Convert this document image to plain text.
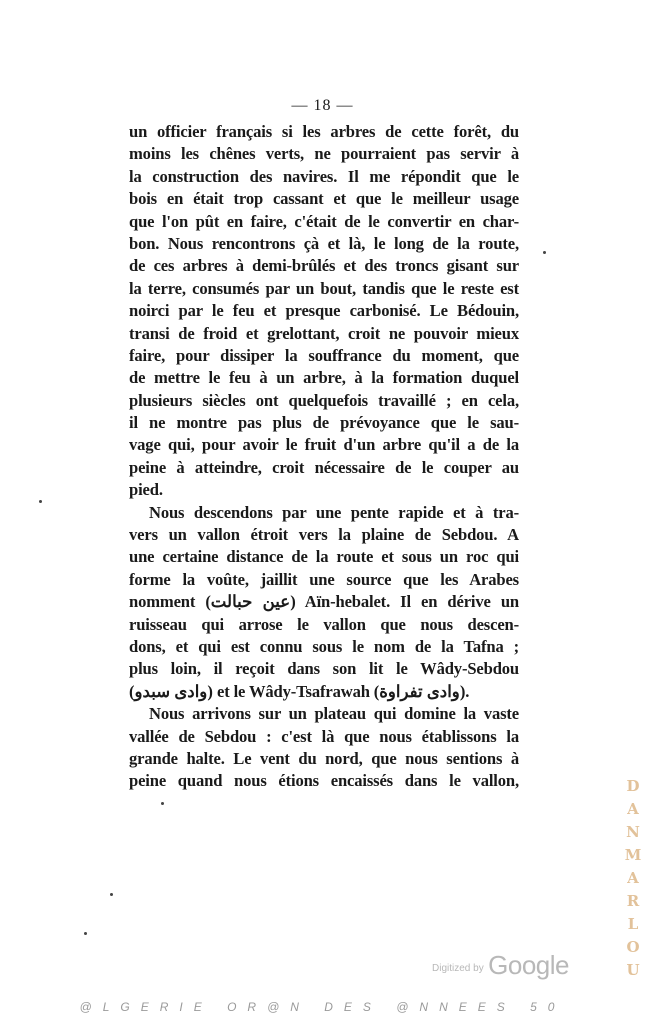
— 18 —
un officier français si les arbres de cette forêt, du
moins les chênes verts, ne pourraient pas servir à
la construction des navires. Il me répondit que le
bois en était trop cassant et que le meilleur usage
que l'on pût en faire, c'était de le convertir en char-
bon. Nous rencontrons çà et là, le long de la route,
de ces arbres à demi-brûlés et des troncs gisant sur
la terre, consumés par un bout, tandis que le reste est
noirci par le feu et presque carbonisé. Le Bédouin,
transi de froid et grelottant, croit ne pouvoir mieux
faire, pour dissiper la souffrance du moment, que
de mettre le feu à un arbre, à la formation duquel
plusieurs siècles ont quelquefois travaillé ; en cela,
il ne montre pas plus de prévoyance que le sau-
vage qui, pour avoir le fruit d'un arbre qu'il a de la
peine à atteindre, croit nécessaire de le couper au
pied.
Nous descendons par une pente rapide et à tra-
vers un vallon étroit vers la plaine de Sebdou. A
une certaine distance de la route et sous un roc qui
forme la voûte, jaillit une source que les Arabes
nomment (عين حبالت) Aïn-hebalet. Il en dérive un
ruisseau qui arrose le vallon que nous descen-
dons, et qui est connu sous le nom de la Tafna ;
plus loin, il reçoit dans son lit le Wâdy-Sebdou
(وادى سبدو) et le Wâdy-Tsafrawah (وادى تفراوة).
Nous arrivons sur un plateau qui domine la vaste
vallée de Sebdou : c'est là que nous établissons la
grande halte. Le vent du nord, que nous sentions à
peine quand nous étions encaissés dans le vallon,	D
A
N
M
A
R
L
O
U
Digitized by Google
@LGERIE OR@N DES @NNEES 50
